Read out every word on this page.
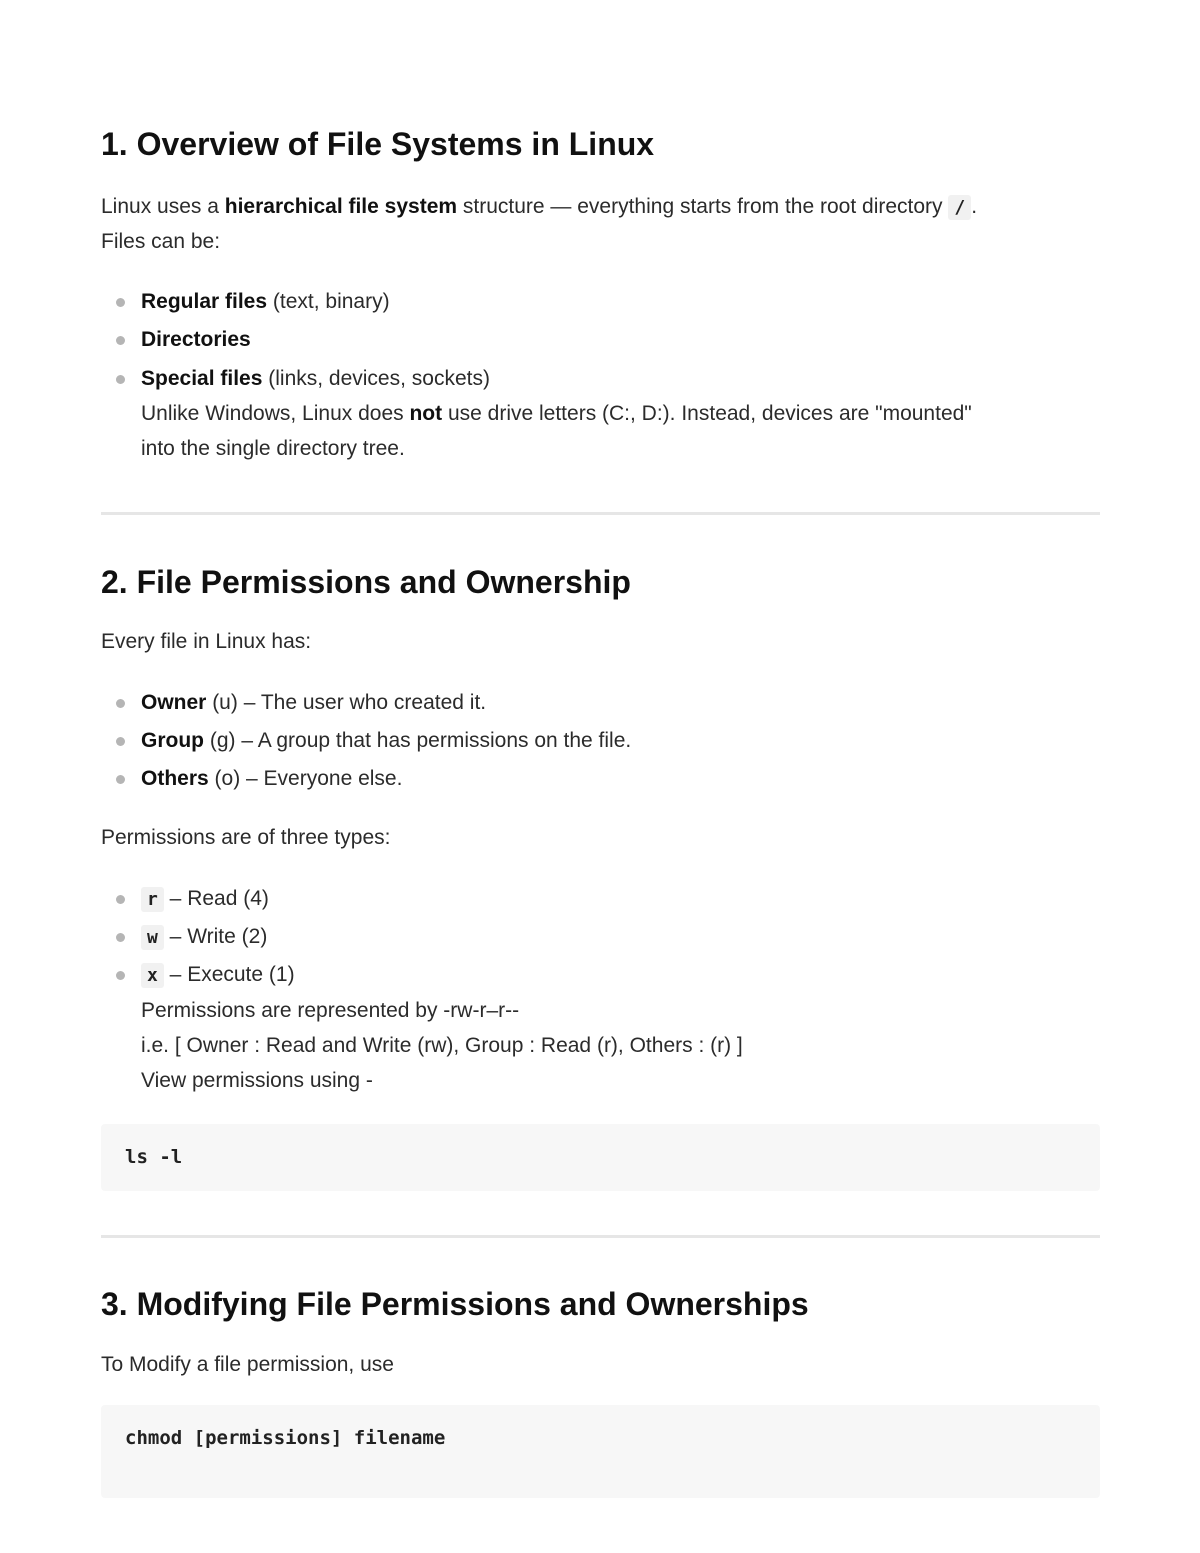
1. Overview of File Systems in Linux

Linux uses a hierarchical file system structure — everything starts from the root directory / .

Files can be:

Regular files (text, binary)
Directories
Special files (links, devices, sockets)
Unlike Windows, Linux does not use drive letters (C:, D:). Instead, devices are "mounted"
into the single directory tree.
2. File Permissions and Ownership

Every file in Linux has:

Owner (u) – The user who created it.
Group (g) – A group that has permissions on the file.
Others (o) – Everyone else.

Permissions are of three types:

r – Read (4)
w – Write (2)
x – Execute (1)
Permissions are represented by -rw-r–r--
i.e. [ Owner : Read and Write (rw), Group : Read (r), Others : (r) ]
View permissions using -
ls -l
3. Modifying File Permissions and Ownerships

To Modify a file permission, use

chmod [permissions] filename
